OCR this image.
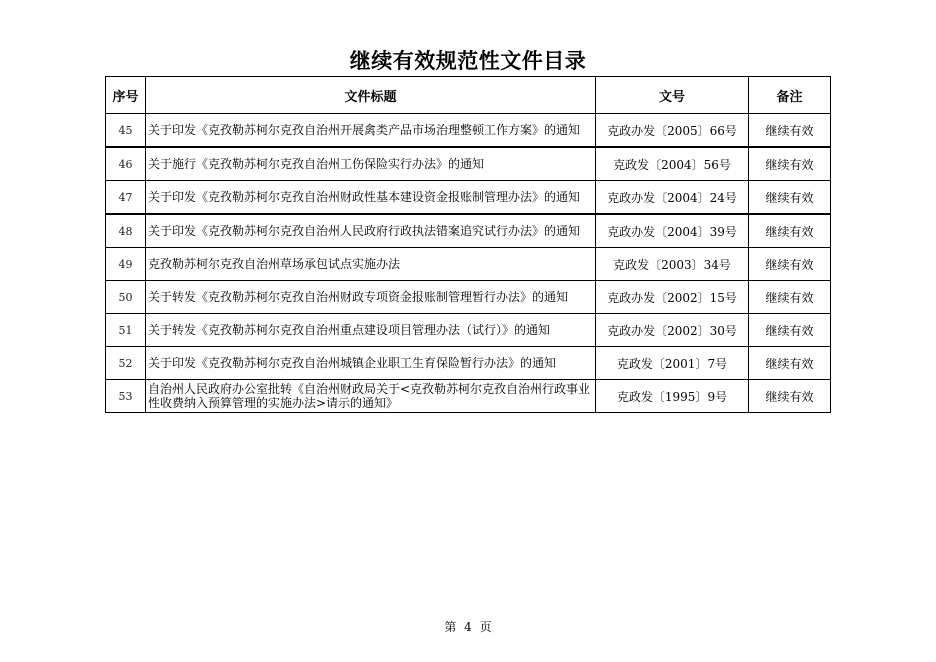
继续有效规范性文件目录
序号	文件标题	文号	备注
45	关于印发《克孜勒苏柯尔克孜自治州开展禽类产品市场治理整顿工作方案》的通知	克政办发〔2005〕66号	继续有效
46	关于施行《克孜勒苏柯尔克孜自治州工伤保险实行办法》的通知	克政发〔2004〕56号	继续有效
47	关于印发《克孜勒苏柯尔克孜自治州财政性基本建设资金报账制管理办法》的通知	克政办发〔2004〕24号	继续有效
48	关于印发《克孜勒苏柯尔克孜自治州人民政府行政执法错案追究试行办法》的通知	克政办发〔2004〕39号	继续有效
49	克孜勒苏柯尔克孜自治州草场承包试点实施办法	克政发〔2003〕34号	继续有效
50	关于转发《克孜勒苏柯尔克孜自治州财政专项资金报账制管理暂行办法》的通知	克政办发〔2002〕15号	继续有效
51	关于转发《克孜勒苏柯尔克孜自治州重点建设项目管理办法（试行）》的通知	克政办发〔2002〕30号	继续有效
52	关于印发《克孜勒苏柯尔克孜自治州城镇企业职工生育保险暂行办法》的通知	克政发〔2001〕7号	继续有效
53	自治州人民政府办公室批转《自治州财政局关于<克孜勒苏柯尔克孜自治州行政事业性收费纳入预算管理的实施办法>请示的通知》	克政发〔1995〕9号	继续有效
第 4 页
